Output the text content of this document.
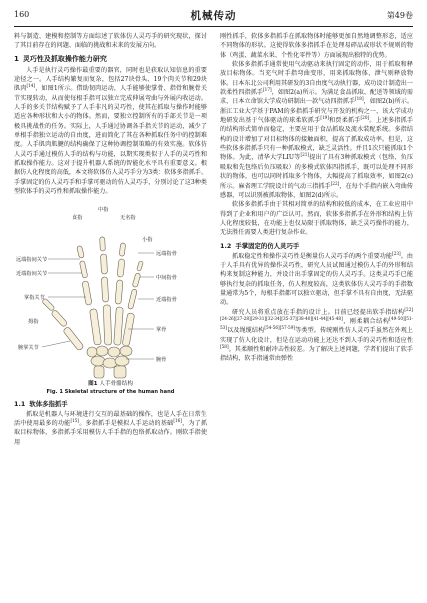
160	机械传动	第49卷

料与制造、建模和控制等方面综述了软体仿人灵巧手的研究现状，探讨了其目前存在的问题、面临的挑战和未来的发展方向。

1 灵巧性及抓取操作能力研究

人手是执行灵巧操作最重要的器官，同时也是获取认知信息的重要途径之一。人手结构繁复而复杂，包括27块骨头、19个肉关节和29块肌肉[14]，如图1所示。借助韧肉运动，人手能够使掌骨、指骨和腕骨关节实现转动，从而使每根手指可以独立完成伸展弯曲与外展内收运动。人手的多关节结构赋予了人手非凡的灵巧性，使其在抓取与操作时能够适应各种形状和大小的物体。然而，要独立控制所有的手部关节是一项极具挑战性的任务。实际上，人手通过协调各手指关节的运动，减少了单根手指独立运动的自由度，进而简化了其在各种抓取任务中的控制难度。人手肌肉肌腱的结构确保了这种协调控制策略的有效实施。软体仿人灵巧手通过模仿人手的结构与功能，以期实现类似于人手的灵巧性和抓取操作能力。这对于提升机器人系统的智能化水平具有重要意义。根据仿人化程度的高低，本文将软体仿人灵巧手分为3类：软体多指抓手、手掌固定的仿人灵巧手和手掌可驱动的仿人灵巧手，分别讨论了这3种类型软体手的灵巧性和抓取操作能力。

中指
食指	无名指
小指
远端指间关节
近端指间关节
掌指关节
拇指
腕掌关节
远端指骨
中间指骨
近端指骨
掌骨
腕骨
图1 人手骨骼结构
Fig. 1 Skeletal structure of the human hand
1.1 软体多指抓手

抓取是机器人与环境进行交互的最基础的操作，也是人手在日常生活中使用最多的功能[15]。多指抓手是模拟人手运动的基础[16]，为了抓取目标物体，多指抓手采用模仿人手手指的包络抓取动作。刚软手指使用

刚性抓手，软体多指抓手在抓取物体时能够更加自然地调整形态，适应不同物体的形状。这使得软体多指抓手在处理易碎品或形状不规则的物体（鸡蛋、蔬菜水果、个性化零件等）方面展现出独特的优势。

软体多指抓手通常使用气动驱动来执行固定的动作，用于抓取和释放目标物体。当充气时手指弯曲变形，用来抓取物体，泄气则释放物体。日本东北公司利用其研发的3自由度气动执行器，成功设计制造出一款柔性四指抓手[17]，如图2(a)所示。为满足食品抓取、配送等领域的需求，日本立命馆大学成功研制出一款气动四指抓手[18]，如图2(b)所示。浙江工业大学基于PAM的多指抓手研究与开发的机构之一，该大学成功地研发出基于气体驱动的球柔软抓手[19]和贾柔抓手[20]。上述多指抓手的结构形式简单而稳定，主要应用于食品抓取及流水装配系统。多指结构的设计增加了对目标物体的接触面积，提高了抓取成功率。但是，这些软体多指抓手只有一种抓取模式，缺乏灵活性。并且1次只能抓取1个物体。为此，清华大学LIU等[21]提出了具有3种抓取模式（包络、负压吸取和先包络后负压吸取）的多模式软体四指抓手，既可以处理不同形状的物体，也可以同时抓取多个物体，大幅提高了抓取效率，如图2(c)所示。麻省理工学院设计的气动三指抓手[22]，在每个手指内嵌入弯曲传感器，可以识别被抓取物体，如图2(d)所示。

软体多指抓手由于其相对简单的结构和较低的成本，在工业应用中得到了企业和用户的广泛认可。然而，软体多指抓手在外形和结构上仿人化程度较低，在功能上也仅局限于抓取物体，缺乏灵巧操作的能力，无法胜任需要人类进行复杂作业。

1.2 手掌固定的仿人灵巧手

抓取稳定性和操作灵巧性是衡量仿人灵巧手的两个重要功能[23]。由于人手具有优异的操作灵巧性，研究人员试图通过模仿人手的外形和结构来复制这种能力，并设计出手掌固定的仿人灵巧手。这类灵巧手已能够执行复杂的抓取任务，仿人程度较高，这类软体仿人灵巧手的手指数量通常为5个，每根手指都可以独立驱动，但手掌不具有自由度，无法驱动。

研究人员将重点放在手指的设计上。目前已经提出软手指结构[22][24-26][27-28][29-31][32-34][35-37][38-40][41-44][45-48]，刚柔耦合结构[49-50][51-53]以及绳缆结构[54-56][57-59]等类型。传统刚性仿人灵巧手虽然在外观上实现了仿人化设计，但是在运动功能上还达不到人手的灵巧性和适应性[58]。其柔顺性和耐冲击性较差。为了解决上述问题，学者们提出了软手指结构，软手指通常由弹性
